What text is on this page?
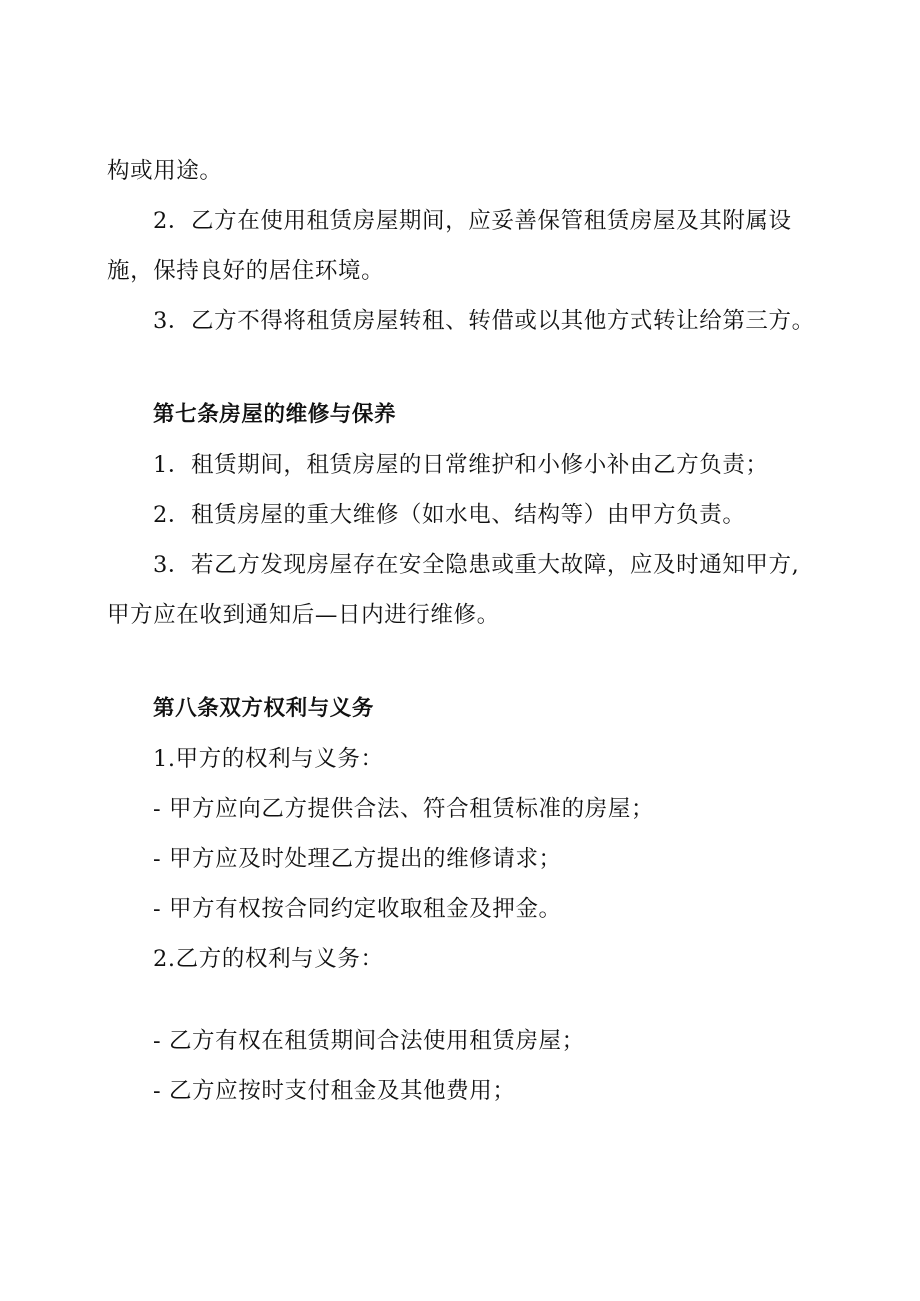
构或用途。
2．乙方在使用租赁房屋期间，应妥善保管租赁房屋及其附属设
施，保持良好的居住环境。
3．乙方不得将租赁房屋转租、转借或以其他方式转让给第三方。
第七条房屋的维修与保养
1．租赁期间，租赁房屋的日常维护和小修小补由乙方负责；
2．租赁房屋的重大维修（如水电、结构等）由甲方负责。
3．若乙方发现房屋存在安全隐患或重大故障，应及时通知甲方,
甲方应在收到通知后—日内进行维修。
第八条双方权利与义务
1.甲方的权利与义务：
- 甲方应向乙方提供合法、符合租赁标准的房屋；
- 甲方应及时处理乙方提出的维修请求；
- 甲方有权按合同约定收取租金及押金。
2.乙方的权利与义务：
- 乙方有权在租赁期间合法使用租赁房屋；
- 乙方应按时支付租金及其他费用；
